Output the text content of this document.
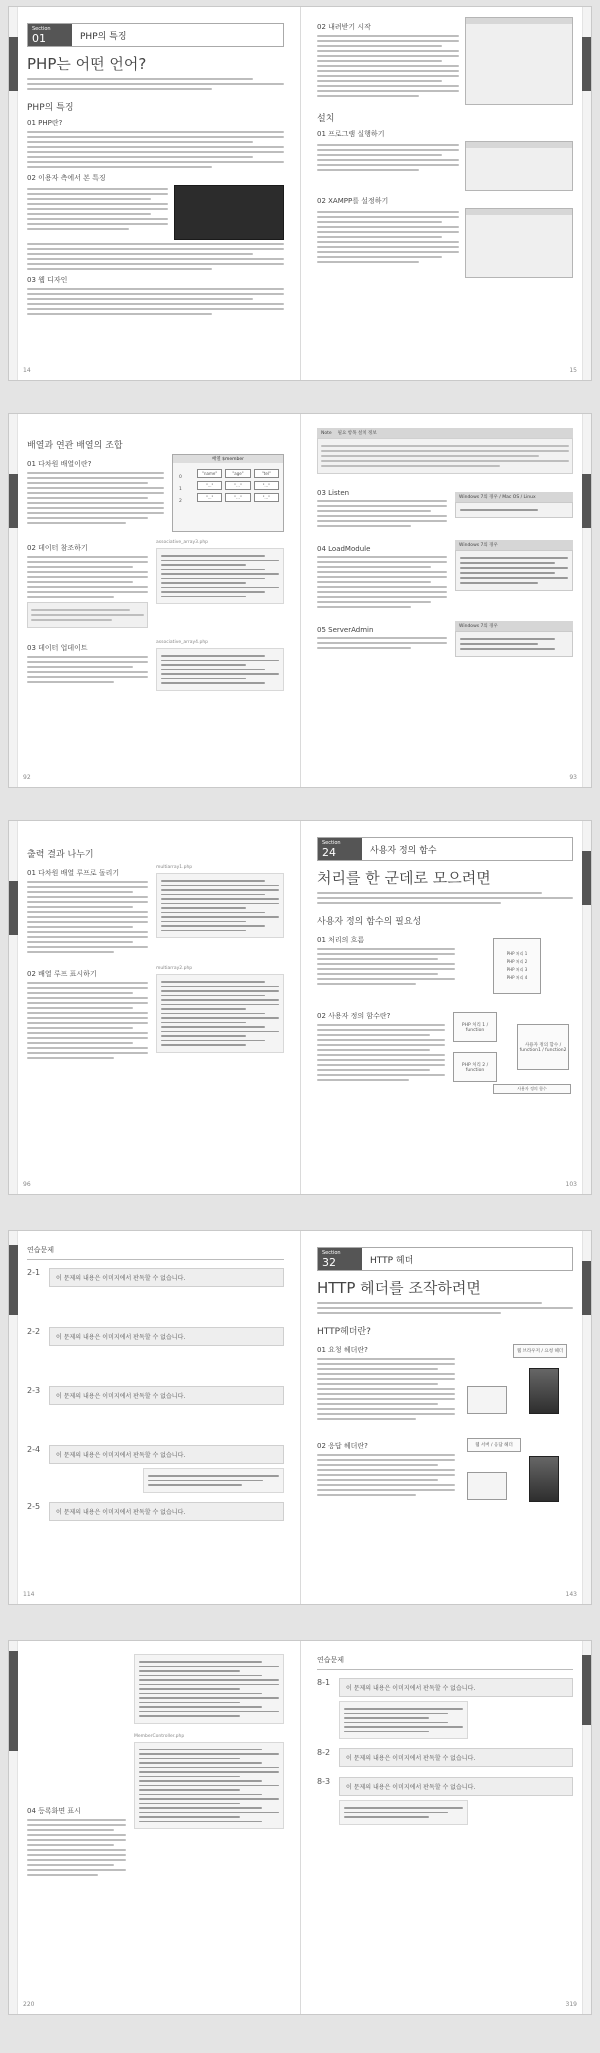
Section
01	PHP의 특징
PHP는 어떤 언어?
PHP의 특징
01 PHP란?
02 이용자 측에서 본 특징
03 웹 디자인
14
02 내려받기 시작
설치
01 프로그램 실행하기
02 XAMPP를 설정하기
15
배열과 연관 배열의 조합
01 다차원 배열이란?
배열 $member
"name"	"age"	"tel"
"..."	"..."	"..."
"..."	"..."	"..."
0
1
2
02 데이터 참조하기
associative_array3.php
03 데이터 업데이트
associative_array4.php
92
Note 필요 항목 설치 정보
03 Listen
Windows 7의 경우 / Mac OS / Linux
04 LoadModule	Windows 7의 경우
05 ServerAdmin	Windows 7의 경우
93
출력 결과 나누기
01 다차원 배열 루프로 돌리기
multiarray1.php
02 배열 루프 표시하기
multiarray2.php
96
Section
24	사용자 정의 함수
처리를 한 군데로 모으려면
사용자 정의 함수의 필요성
01 처리의 흐름
PHP 처리 1
PHP 처리 2
PHP 처리 3
PHP 처리 4
02 사용자 정의 함수란?
PHP 처리 1 / function
PHP 처리 2 / function
사용자 정의 함수 / function1 / function2
사용자 정의 함수
103
연습문제
2-1
이 문제의 내용은 이미지에서 판독할 수 없습니다.
2-2
이 문제의 내용은 이미지에서 판독할 수 없습니다.
2-3
이 문제의 내용은 이미지에서 판독할 수 없습니다.
2-4
이 문제의 내용은 이미지에서 판독할 수 없습니다.
2-5
이 문제의 내용은 이미지에서 판독할 수 없습니다.
114
Section
32	HTTP 헤더
HTTP 헤더를 조작하려면
HTTP헤더란?
01 요청 헤더란?	웹 브라우저 / 요청 헤더
02 응답 헤더란?	웹 서버 / 응답 헤더
143
04 등록화면 표시
MemberController.php
220
연습문제
8-1
이 문제의 내용은 이미지에서 판독할 수 없습니다.
8-2
이 문제의 내용은 이미지에서 판독할 수 없습니다.
8-3
이 문제의 내용은 이미지에서 판독할 수 없습니다.
319
